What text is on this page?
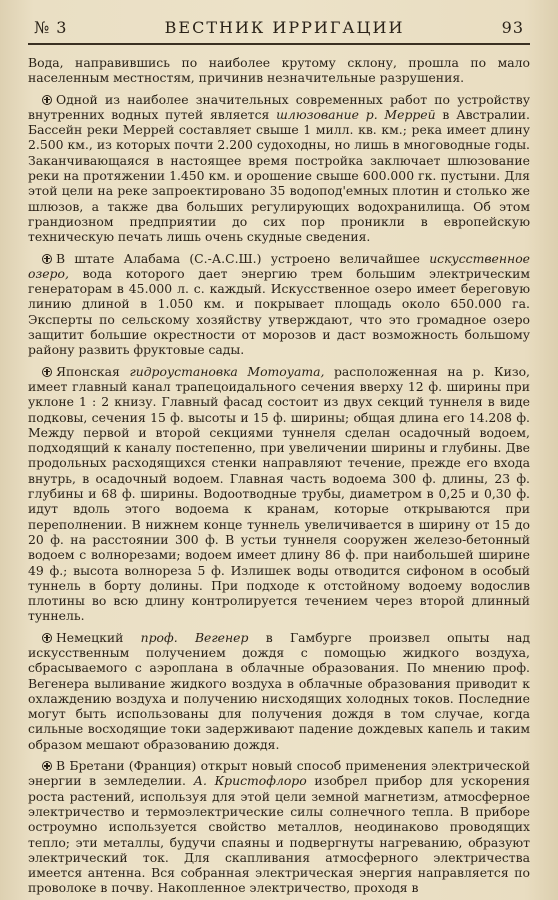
№ 3	ВЕСТНИК ИРРИГАЦИИ	93

Вода, направившись по наиболее крутому склону, прошла по мало населенным местностям, причинив незначительные разрушения.

Одной из наиболее значительных современных работ по устройству внутренних водных путей является шлюзование р. Меррей в Австралии. Бассейн реки Меррей составляет свыше 1 милл. кв. км.; река имеет длину 2.500 км., из которых почти 2.200 судоходны, но лишь в многоводные годы. Заканчивающаяся в настоящее время постройка заключает шлюзование реки на протяжении 1.450 км. и орошение свыше 600.000 гк. пустыни. Для этой цели на реке запроектировано 35 водопод'емных плотин и столько же шлюзов, а также два больших регулирующих водохранилища. Об этом грандиозном предприятии до сих пор проникли в европейскую техническую печать лишь очень скудные сведения.

В штате Алабама (С.-А.С.Ш.) устроено величайшее искусственное озеро, вода которого дает энергию трем большим электрическим генераторам в 45.000 л. с. каждый. Искусственное озеро имеет береговую линию длиной в 1.050 км. и покрывает площадь около 650.000 га. Эксперты по сельскому хозяйству утверждают, что это громадное озеро защитит большие окрестности от морозов и даст возможность большому району развить фруктовые сады.

Японская гидроустановка Мотоуата, расположенная на р. Кизо, имеет главный канал трапецоидального сечения вверху 12 ф. ширины при уклоне 1 : 2 книзу. Главный фасад состоит из двух секций туннеля в виде подковы, сечения 15 ф. высоты и 15 ф. ширины; общая длина его 14.208 ф. Между первой и второй секциями туннеля сделан осадочный водоем, подходящий к каналу постепенно, при увеличении ширины и глубины. Две продольных расходящихся стенки направляют течение, прежде его входа внутрь, в осадочный водоем. Главная часть водоема 300 ф. длины, 23 ф. глубины и 68 ф. ширины. Водоотводные трубы, диаметром в 0,25 и 0,30 ф. идут вдоль этого водоема к кранам, которые открываются при переполнении. В нижнем конце туннель увеличивается в ширину от 15 до 20 ф. на расстоянии 300 ф. В устьи туннеля сооружен железо-бетонный водоем с волнорезами; водоем имеет длину 86 ф. при наибольшей ширине 49 ф.; высота волнореза 5 ф. Излишек воды отводится сифоном в особый туннель в борту долины. При подходе к отстойному водоему водослив плотины во всю длину контролируется течением через второй длинный туннель.

Немецкий проф. Вегенер в Гамбурге произвел опыты над искусственным получением дождя с помощью жидкого воздуха, сбрасываемого с аэроплана в облачные образования. По мнению проф. Вегенера выливание жидкого воздуха в облачные образования приводит к охлаждению воздуха и получению нисходящих холодных токов. Последние могут быть использованы для получения дождя в том случае, когда сильные восходящие токи задерживают падение дождевых капель и таким образом мешают образованию дождя.

В Бретани (Франция) открыт новый способ применения электрической энергии в земледелии. А. Кристофлоро изобрел прибор для ускорения роста растений, используя для этой цели земной магнетизм, атмосферное электричество и термоэлектрические силы солнечного тепла. В приборе остроумно используется свойство металлов, неодинаково проводящих тепло; эти металлы, будучи спаяны и подвергнуты нагреванию, образуют электрический ток. Для скапливания атмосферного электричества имеется антенна. Вся собранная электрическая энергия направляется по проволоке в почву. Накопленное электричество, проходя в
